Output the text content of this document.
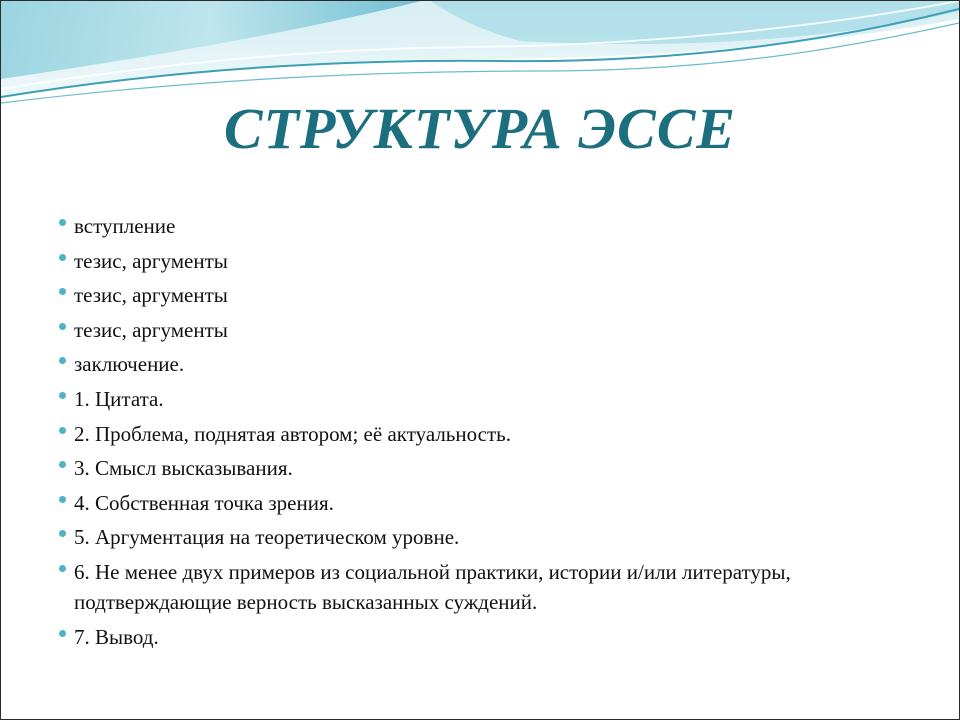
СТРУКТУРА ЭССЕ
вступление
тезис, аргументы
тезис, аргументы
тезис, аргументы
заключение.
1. Цитата.
2. Проблема, поднятая автором; её актуальность.
3. Смысл высказывания.
4. Собственная точка зрения.
5. Аргументация на теоретическом уровне.
6. Не менее двух примеров из социальной практики, истории и/или литературы, подтверждающие верность высказанных суждений.
7. Вывод.
